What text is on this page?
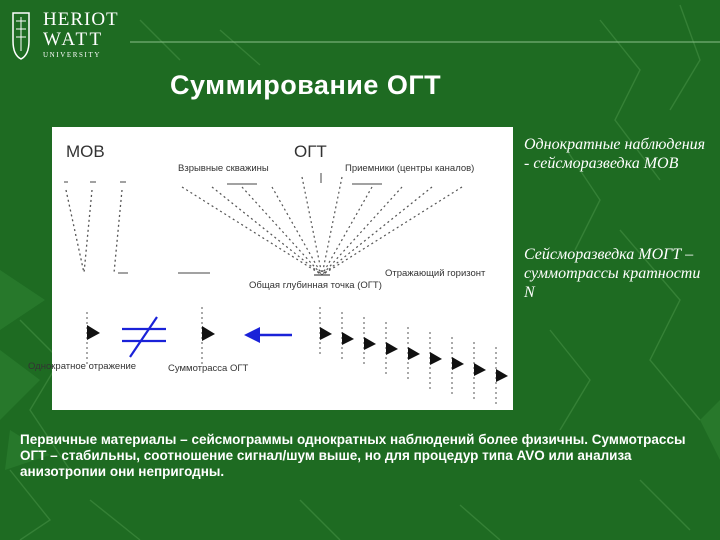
HERIOT
WATT
UNIVERSITY
Суммирование ОГТ
МОВ	ОГТ
Взрывные скважины	Приемники (центры каналов)
Отражающий горизонт
Общая глубинная точка (ОГТ)
Однократное отражение	Суммотрасса ОГТ
Однократные наблюдения - сейсморазведка МОВ
Сейсморазведка МОГТ – суммотрассы кратности N
Первичные материалы – сейсмограммы однократных наблюдений более физичны. Суммотрассы ОГТ – стабильны, соотношение сигнал/шум выше, но для процедур типа AVO или анализа анизотропии они непригодны.
